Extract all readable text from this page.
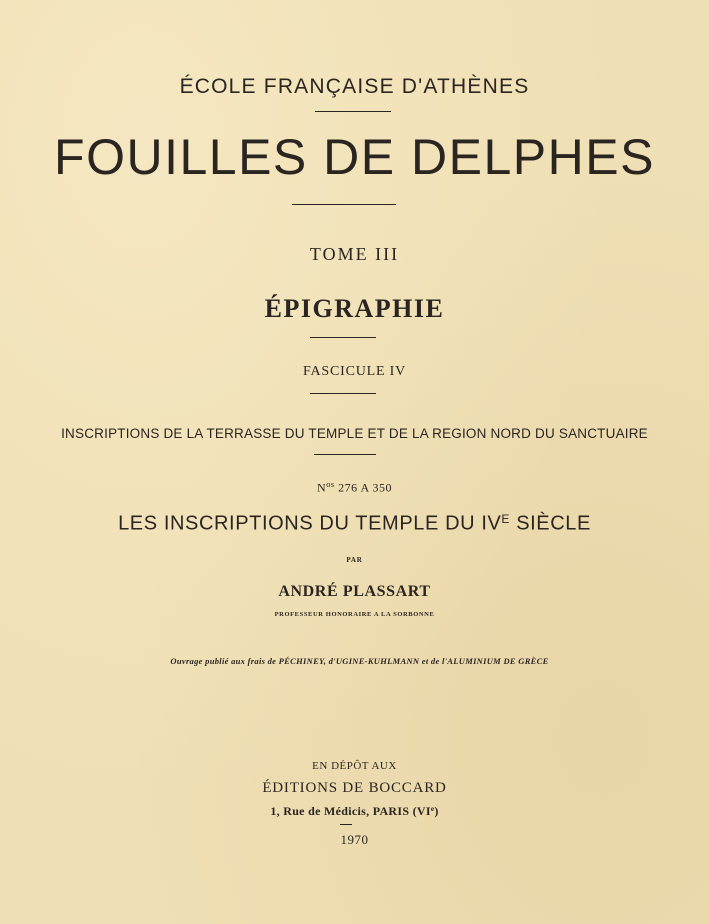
ÉCOLE FRANÇAISE D'ATHÈNES
FOUILLES DE DELPHES
TOME III
ÉPIGRAPHIE
FASCICULE IV
INSCRIPTIONS DE LA TERRASSE DU TEMPLE ET DE LA REGION NORD DU SANCTUAIRE
$N^{os}$ 276 A 350
LES INSCRIPTIONS DU TEMPLE DU $IV^E$ SIÈCLE
PAR
ANDRÉ PLASSART
PROFESSEUR HONORAIRE A LA SORBONNE
Ouvrage publié aux frais de PÉCHINEY, d'UGINE-KUHLMANN et de l'ALUMINIUM DE GRÈCE
EN DÉPÔT AUX
ÉDITIONS DE BOCCARD
1, Rue de Médicis, PARIS (VIe)
1970
